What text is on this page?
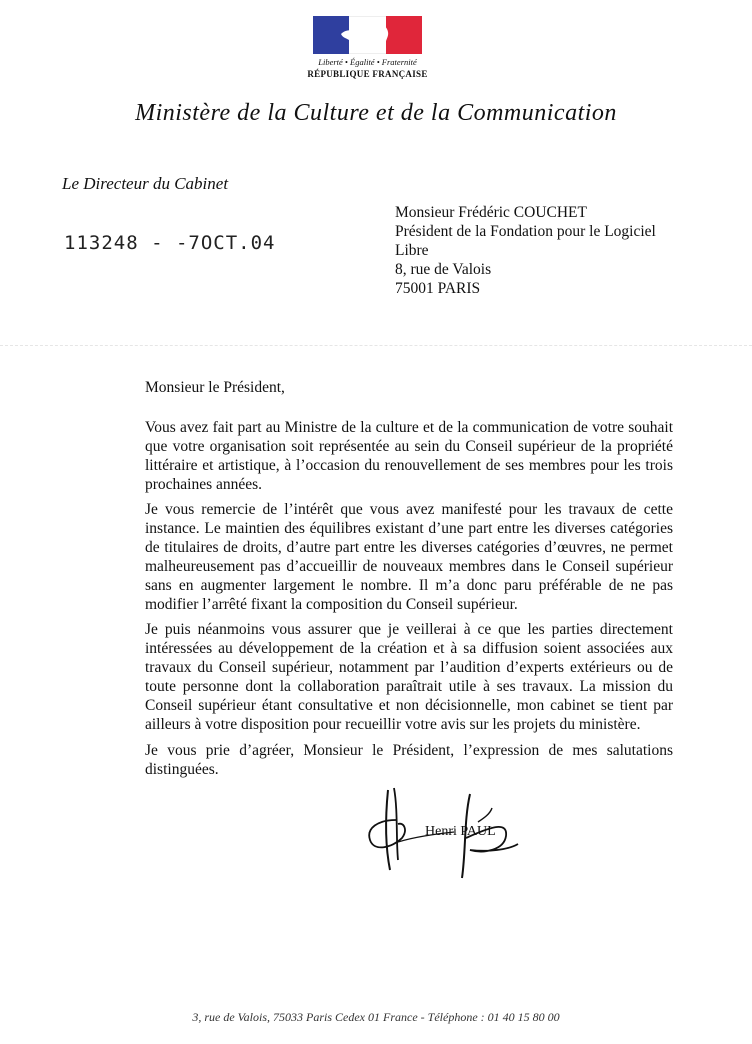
Liberté • Égalité • Fraternité
RÉPUBLIQUE FRANÇAISE
Ministère de la Culture et de la Communication
Le Directeur du Cabinet
113248 - -7OCT.04
Monsieur Frédéric COUCHET
Président de la Fondation pour le Logiciel
Libre
8, rue de Valois
75001 PARIS
Monsieur le Président,
Vous avez fait part au Ministre de la culture et de la communication de votre souhait que votre organisation soit représentée au sein du Conseil supérieur de la propriété littéraire et artistique, à l’occasion du renouvellement de ses membres pour les trois prochaines années.
Je vous remercie de l’intérêt que vous avez manifesté pour les travaux de cette instance. Le maintien des équilibres existant d’une part entre les diverses catégories de titulaires de droits, d’autre part entre les diverses catégories d’œuvres, ne permet malheureusement pas d’accueillir de nouveaux membres dans le Conseil supérieur sans en augmenter largement le nombre. Il m’a donc paru préférable de ne pas modifier l’arrêté fixant la composition du Conseil supérieur.
Je puis néanmoins vous assurer que je veillerai à ce que les parties directement intéressées au développement de la création et à sa diffusion soient associées aux travaux du Conseil supérieur, notamment par l’audition d’experts extérieurs ou de toute personne dont la collaboration paraîtrait utile à ses travaux. La mission du Conseil supérieur étant consultative et non décisionnelle, mon cabinet se tient par ailleurs à votre disposition pour recueillir votre avis sur les projets du ministère.
Je vous prie d’agréer, Monsieur le Président, l’expression de mes salutations distinguées.
Henri PAUL
3, rue de Valois, 75033 Paris Cedex 01 France - Téléphone : 01 40 15 80 00
